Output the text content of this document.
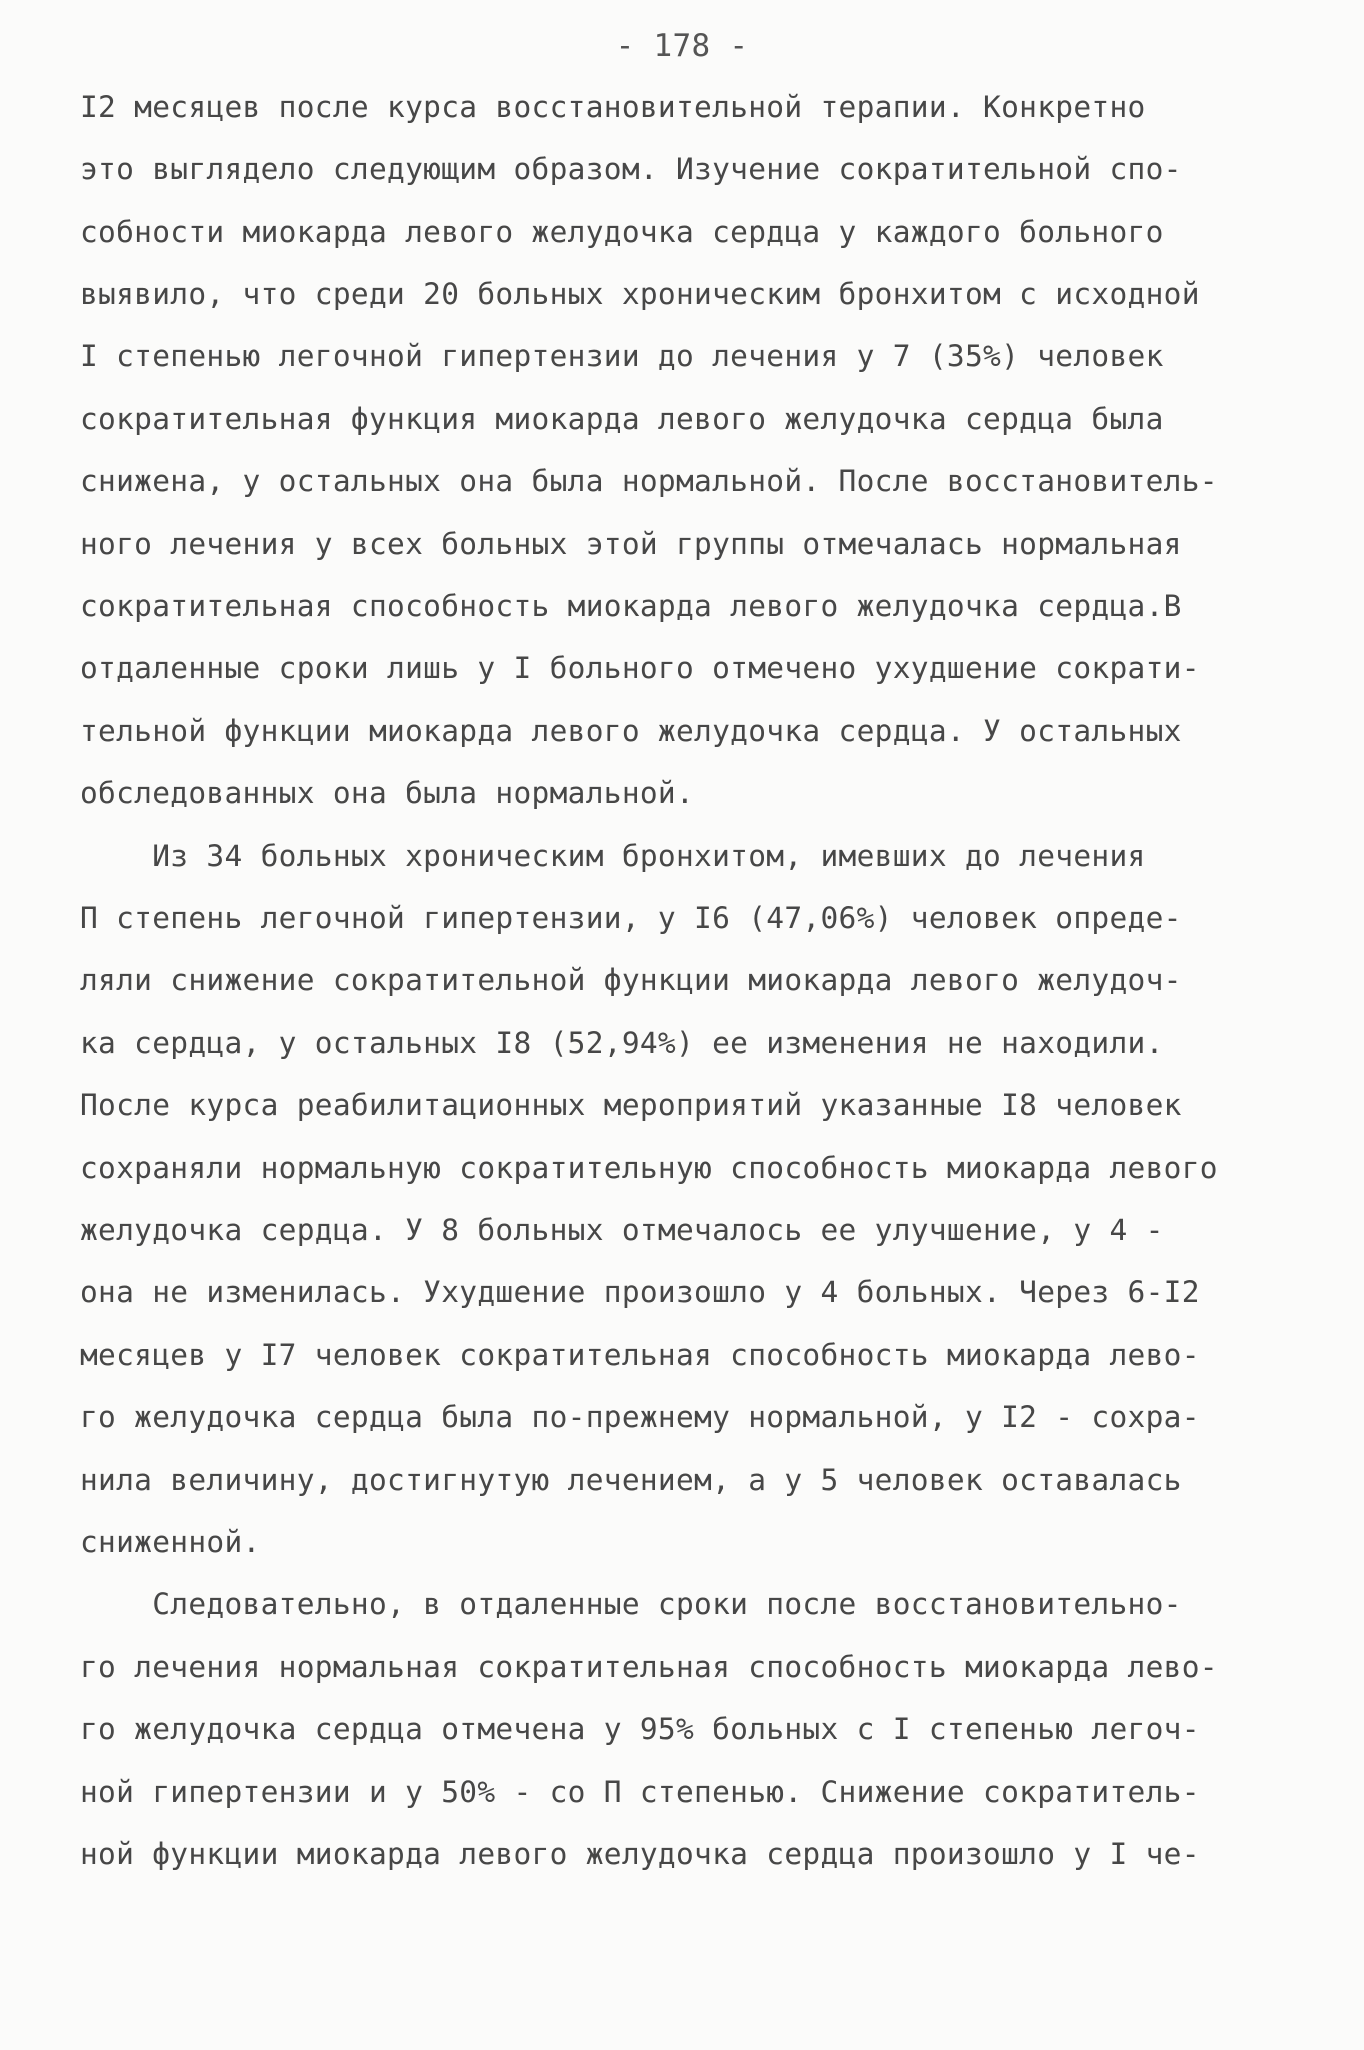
- 178 -
I2 месяцев после курса восстановительной терапии. Конкретно
это выглядело следующим образом. Изучение сократительной спо-
собности миокарда левого желудочка сердца у каждого больного
выявило, что среди 20 больных хроническим бронхитом с исходной
I степенью легочной гипертензии до лечения у 7 (35%) человек
сократительная функция миокарда левого желудочка сердца была
снижена, у остальных она была нормальной. После восстановитель-
ного лечения у всех больных этой группы отмечалась нормальная
сократительная способность миокарда левого желудочка сердца.В
отдаленные сроки лишь у I больного отмечено ухудшение сократи-
тельной функции миокарда левого желудочка сердца. У остальных
обследованных она была нормальной.
Из 34 больных хроническим бронхитом, имевших до лечения
П степень легочной гипертензии, у I6 (47,06%) человек опреде-
ляли снижение сократительной функции миокарда левого желудоч-
ка сердца, у остальных I8 (52,94%) ее изменения не находили.
После курса реабилитационных мероприятий указанные I8 человек
сохраняли нормальную сократительную способность миокарда левого
желудочка сердца. У 8 больных отмечалось ее улучшение, у 4 -
она не изменилась. Ухудшение произошло у 4 больных. Через 6-I2
месяцев у I7 человек сократительная способность миокарда лево-
го желудочка сердца была по-прежнему нормальной, у I2 - сохра-
нила величину, достигнутую лечением, а у 5 человек оставалась
сниженной.
Следовательно, в отдаленные сроки после восстановительно-
го лечения нормальная сократительная способность миокарда лево-
го желудочка сердца отмечена у 95% больных с I степенью легоч-
ной гипертензии и у 50% - со П степенью. Снижение сократитель-
ной функции миокарда левого желудочка сердца произошло у I че-
